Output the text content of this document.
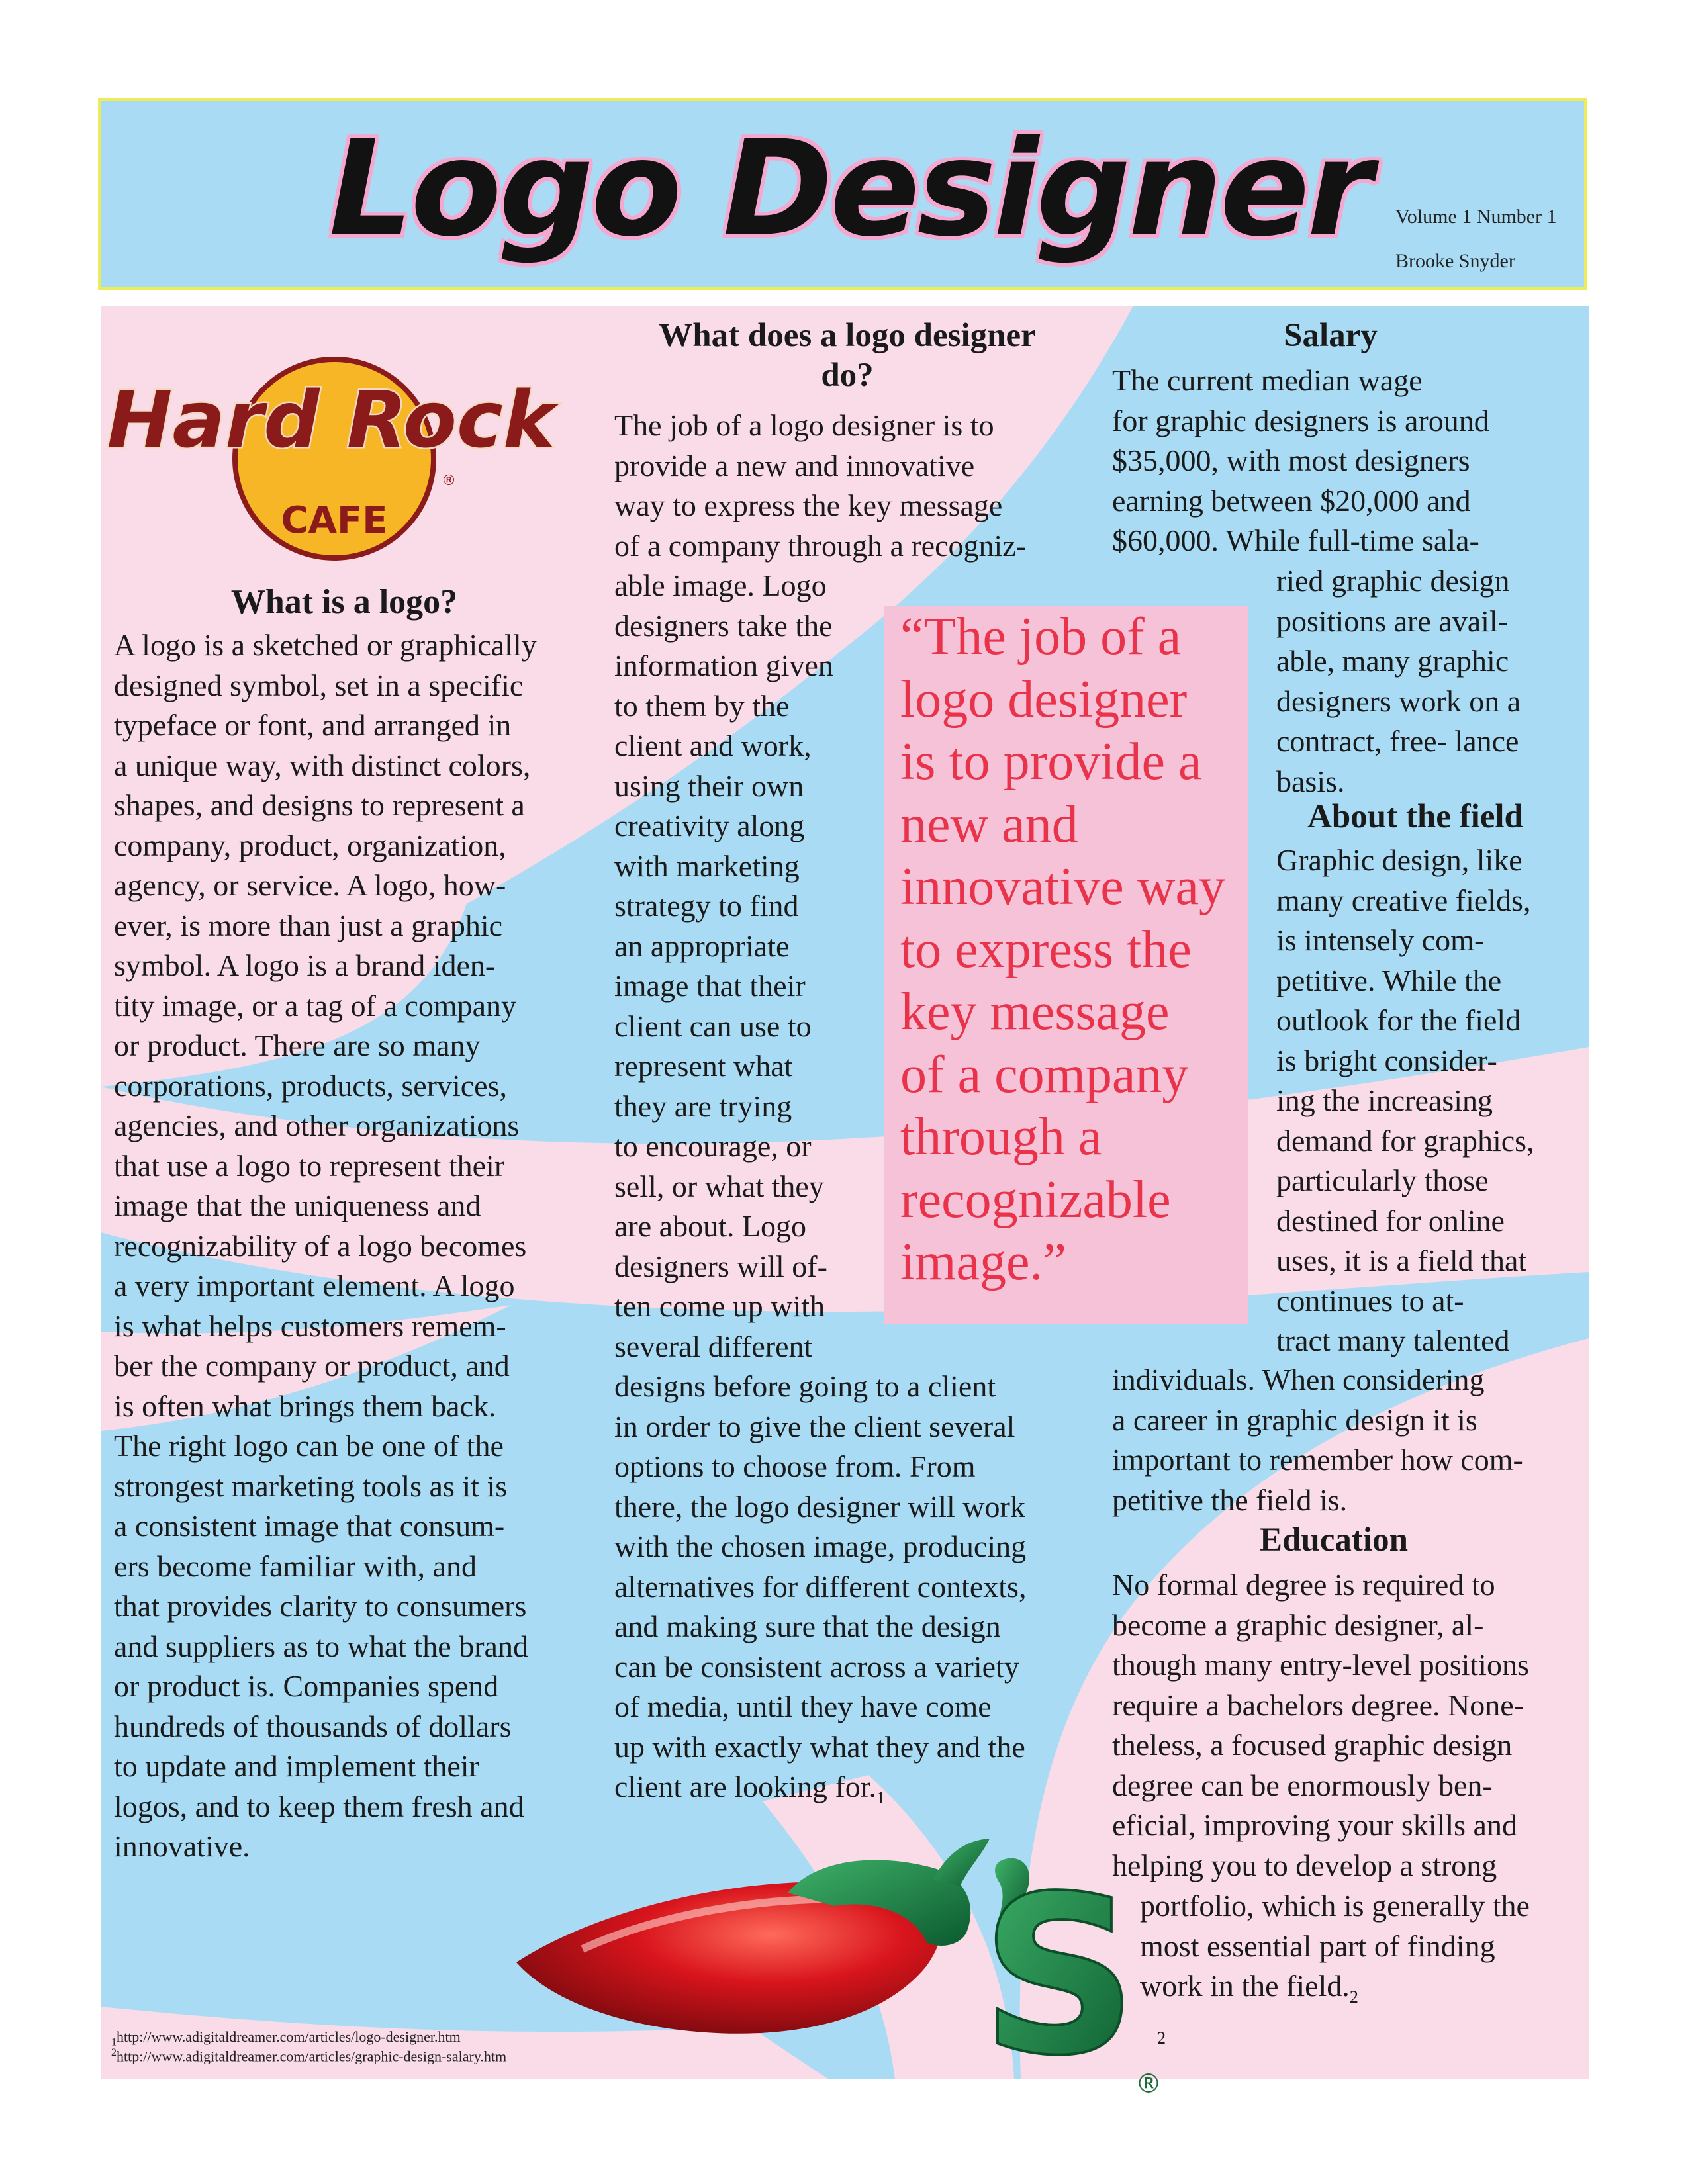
Logo Designer	Volume 1 Number 1
Brooke Snyder
Hard Rock
CAFE
®
What is a logo?
A logo is a sketched or graphically
designed symbol, set in a specific
typeface or font, and arranged in
a unique way, with distinct colors,
shapes, and designs to represent a
company, product, organization,
agency, or service. A logo, how-
ever, is more than just a graphic
symbol. A logo is a brand iden-
tity image, or a tag of a company
or product. There are so many
corporations, products, services,
agencies, and other organizations
that use a logo to represent their
image that the uniqueness and
recognizability of a logo becomes
a very important element. A logo
is what helps customers remem-
ber the company or product, and
is often what brings them back.
The right logo can be one of the
strongest marketing tools as it is
a consistent image that consum-
ers become familiar with, and
that provides clarity to consumers
and suppliers as to what the brand
or product is. Companies spend
hundreds of thousands of dollars
to update and implement their
logos, and to keep them fresh and
innovative.
What does a logo designer
do?
The job of a logo designer is to
provide a new and innovative
way to express the key message
of a company through a recogniz-
able image. Logo
designers take the
information given
to them by the
client and work,
using their own
creativity along
with marketing
strategy to find
an appropriate
image that their
client can use to
represent what
they are trying
to encourage, or
sell, or what they
are about. Logo
designers will of-
ten come up with
several different
designs before going to a client
in order to give the client several
options to choose from. From
there, the logo designer will work
with the chosen image, producing
alternatives for different contexts,
and making sure that the design
can be consistent across a variety
of media, until they have come
up with exactly what they and the
client are looking $for._1$
“The job of a
logo designer
is to provide a
new and
innovative way
to express the
key message
of a company
through a
recognizable
image.”
Salary
The current median wage
for graphic designers is around
$35,000, with most designers
earning between $20,000 and
$60,000. While full-time sala-
ried graphic design
positions are avail-
able, many graphic
designers work on a
contract, free- lance
basis.
About the field
Graphic design, like
many creative fields,
is intensely com-
petitive. While the
outlook for the field
is bright consider-
ing the increasing
demand for graphics,
particularly those
destined for online
uses, it is a field that
continues to at-
tract many talented
individuals. When considering
a career in graphic design it is
important to remember how com-
petitive the field is.
Education
No formal degree is required to
become a graphic designer, al-
though many entry-level positions
require a bachelors degree. None-
theless, a focused graphic design
degree can be enormously ben-
eficial, improving your skills and
helping you to develop a strong
portfolio, which is generally the
most essential part of finding
work in the $field._2$
S
®
$_1$http://www.adigitaldreamer.com/articles/logo-designer.htm
$^2$http://www.adigitaldreamer.com/articles/graphic-design-salary.htm
2
